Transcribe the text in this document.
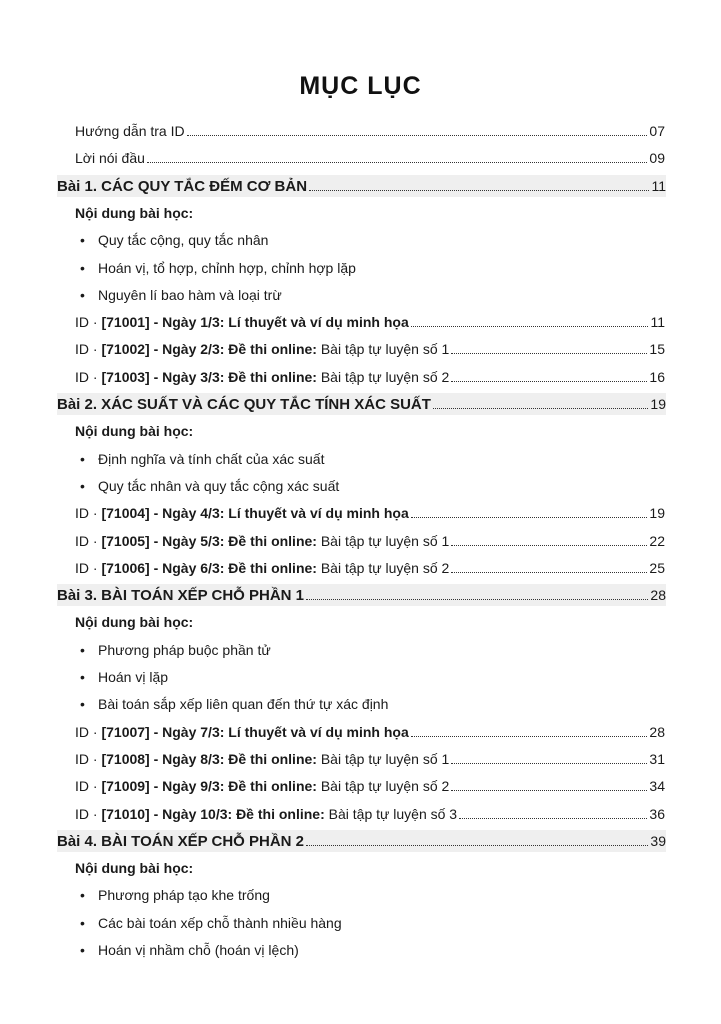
MỤC LỤC
Hướng dẫn tra ID	07
Lời nói đầu	09
Bài 1. CÁC QUY TẮC ĐẾM CƠ BẢN	11
Nội dung bài học:
• Quy tắc cộng, quy tắc nhân
• Hoán vị, tổ hợp, chỉnh hợp, chỉnh hợp lặp
• Nguyên lí bao hàm và loại trừ
ID · [71001] - Ngày 1/3: Lí thuyết và ví dụ minh họa	11
ID · [71002] - Ngày 2/3: Đề thi online: Bài tập tự luyện số 1	15
ID · [71003] - Ngày 3/3: Đề thi online: Bài tập tự luyện số 2	16
Bài 2. XÁC SUẤT VÀ CÁC QUY TẮC TÍNH XÁC SUẤT	19
Nội dung bài học:
• Định nghĩa và tính chất của xác suất
• Quy tắc nhân và quy tắc cộng xác suất
ID · [71004] - Ngày 4/3: Lí thuyết và ví dụ minh họa	19
ID · [71005] - Ngày 5/3: Đề thi online: Bài tập tự luyện số 1	22
ID · [71006] - Ngày 6/3: Đề thi online: Bài tập tự luyện số 2	25
Bài 3. BÀI TOÁN XẾP CHỖ PHẦN 1	28
Nội dung bài học:
• Phương pháp buộc phần tử
• Hoán vị lặp
• Bài toán sắp xếp liên quan đến thứ tự xác định
ID · [71007] - Ngày 7/3: Lí thuyết và ví dụ minh họa	28
ID · [71008] - Ngày 8/3: Đề thi online: Bài tập tự luyện số 1	31
ID · [71009] - Ngày 9/3: Đề thi online: Bài tập tự luyện số 2	34
ID · [71010] - Ngày 10/3: Đề thi online: Bài tập tự luyện số 3	36
Bài 4. BÀI TOÁN XẾP CHỖ PHẦN 2	39
Nội dung bài học:
• Phương pháp tạo khe trống
• Các bài toán xếp chỗ thành nhiều hàng
• Hoán vị nhầm chỗ (hoán vị lệch)
